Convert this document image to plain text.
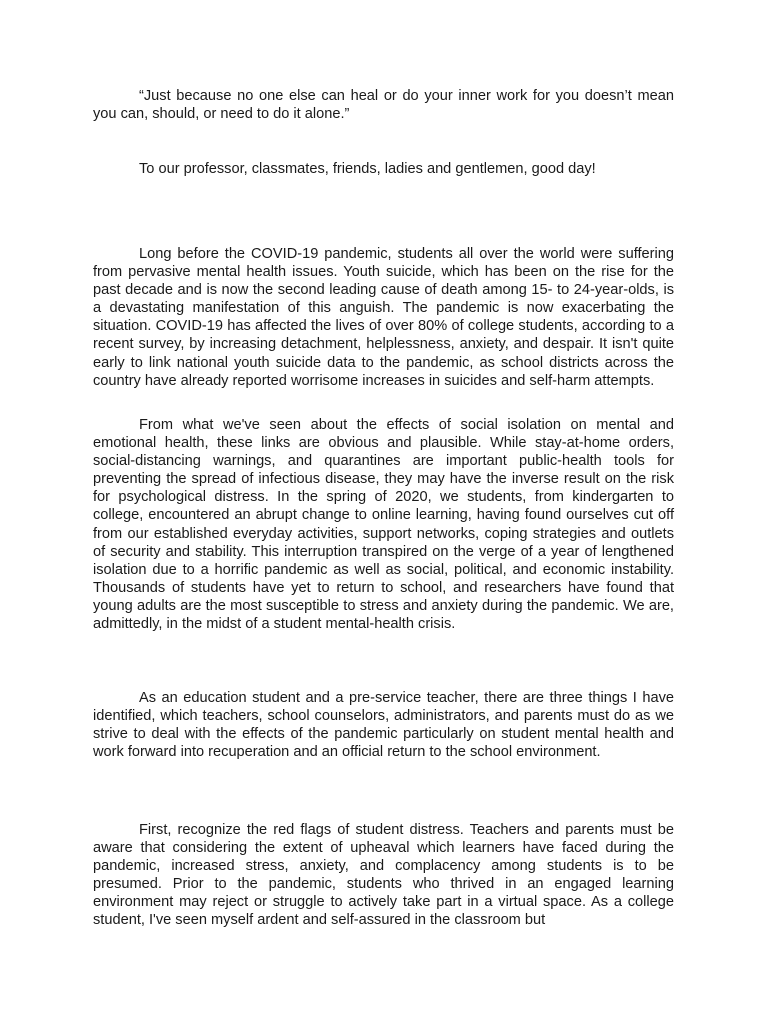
“Just because no one else can heal or do your inner work for you doesn’t mean you can, should, or need to do it alone.”

To our professor, classmates, friends, ladies and gentlemen, good day!

Long before the COVID-19 pandemic, students all over the world were suffering from pervasive mental health issues. Youth suicide, which has been on the rise for the past decade and is now the second leading cause of death among 15- to 24-year-olds, is a devastating manifestation of this anguish. The pandemic is now exacerbating the situation. COVID-19 has affected the lives of over 80% of college students, according to a recent survey, by increasing detachment, helplessness, anxiety, and despair. It isn't quite early to link national youth suicide data to the pandemic, as school districts across the country have already reported worrisome increases in suicides and self-harm attempts.

From what we've seen about the effects of social isolation on mental and emotional health, these links are obvious and plausible. While stay-at-home orders, social-distancing warnings, and quarantines are important public-health tools for preventing the spread of infectious disease, they may have the inverse result on the risk for psychological distress. In the spring of 2020, we students, from kindergarten to college, encountered an abrupt change to online learning, having found ourselves cut off from our established everyday activities, support networks, coping strategies and outlets of security and stability. This interruption transpired on the verge of a year of lengthened isolation due to a horrific pandemic as well as social, political, and economic instability. Thousands of students have yet to return to school, and researchers have found that young adults are the most susceptible to stress and anxiety during the pandemic. We are, admittedly, in the midst of a student mental-health crisis.

As an education student and a pre-service teacher, there are three things I have identified, which teachers, school counselors, administrators, and parents must do as we strive to deal with the effects of the pandemic particularly on student mental health and work forward into recuperation and an official return to the school environment.

First, recognize the red flags of student distress. Teachers and parents must be aware that considering the extent of upheaval which learners have faced during the pandemic, increased stress, anxiety, and complacency among students is to be presumed. Prior to the pandemic, students who thrived in an engaged learning environment may reject or struggle to actively take part in a virtual space. As a college student, I've seen myself ardent and self-assured in the classroom but
